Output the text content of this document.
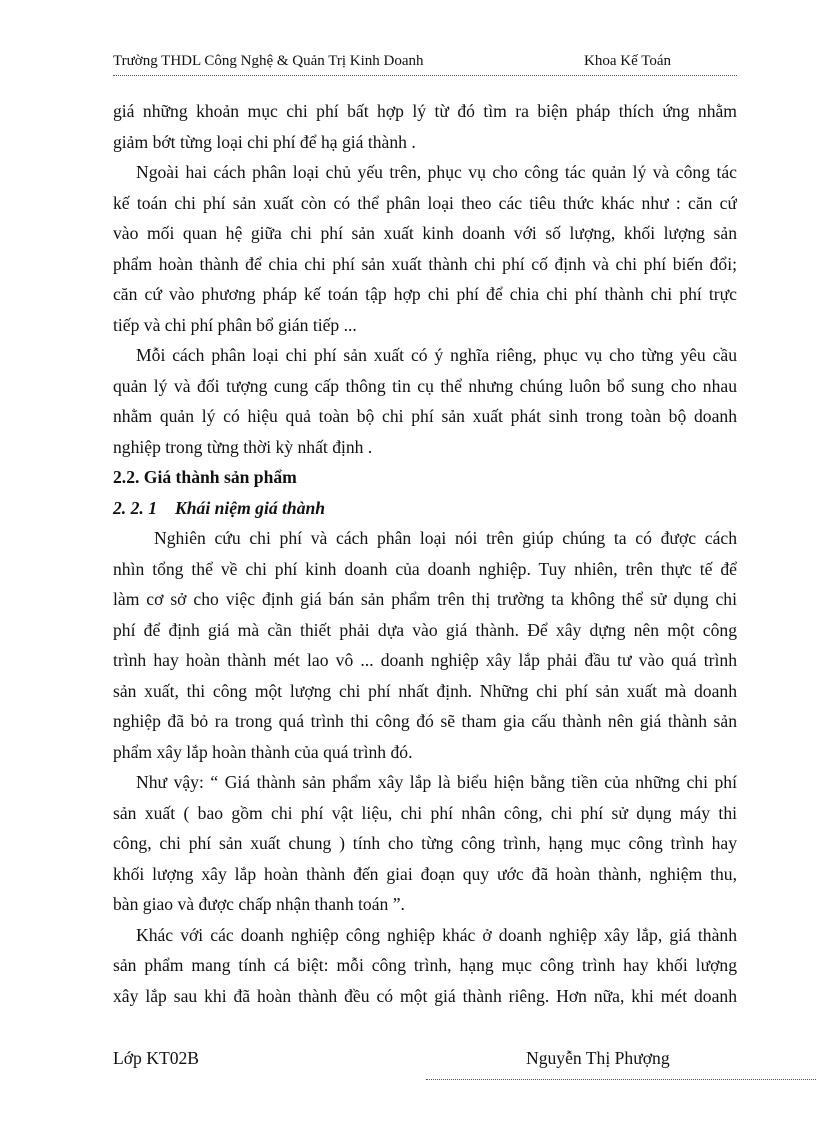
Trường THDL Công Nghệ & Quản Trị Kinh Doanh	Khoa Kế Toán

giá những khoản mục chi phí bất hợp lý từ đó tìm ra biện pháp thích ứng nhằm
giảm bớt từng loại chi phí để hạ giá thành .

Ngoài hai cách phân loại chủ yếu trên, phục vụ cho công tác quản lý và công tác
kế toán chi phí sản xuất còn có thể phân loại theo các tiêu thức khác như : căn cứ
vào mối quan hệ giữa chi phí sản xuất kinh doanh với số lượng, khối lượng sản
phẩm hoàn thành để chia chi phí sản xuất thành chi phí cố định và chi phí biến đổi;
căn cứ vào phương pháp kế toán tập hợp chi phí để chia chi phí thành chi phí trực
tiếp và chi phí phân bổ gián tiếp ...

Mỗi cách phân loại chi phí sản xuất có ý nghĩa riêng, phục vụ cho từng yêu cầu
quản lý và đối tượng cung cấp thông tin cụ thể nhưng chúng luôn bổ sung cho nhau
nhằm quản lý có hiệu quả toàn bộ chi phí sản xuất phát sinh trong toàn bộ doanh
nghiệp trong từng thời kỳ nhất định .

2.2. Giá thành sản phẩm

2. 2. 1 Khái niệm giá thành

Nghiên cứu chi phí và cách phân loại nói trên giúp chúng ta có được cách
nhìn tổng thể về chi phí kinh doanh của doanh nghiệp. Tuy nhiên, trên thực tế để
làm cơ sở cho việc định giá bán sản phẩm trên thị trường ta không thể sử dụng chi
phí để định giá mà cần thiết phải dựa vào giá thành. Để xây dựng nên một công
trình hay hoàn thành mét lao vô ... doanh nghiệp xây lắp phải đầu tư vào quá trình
sản xuất, thi công một lượng chi phí nhất định. Những chi phí sản xuất mà doanh
nghiệp đã bỏ ra trong quá trình thi công đó sẽ tham gia cấu thành nên giá thành sản
phẩm xây lắp hoàn thành của quá trình đó.

Như vậy: “ Giá thành sản phẩm xây lắp là biểu hiện bằng tiền của những chi phí
sản xuất ( bao gồm chi phí vật liệu, chi phí nhân công, chi phí sử dụng máy thi
công, chi phí sản xuất chung ) tính cho từng công trình, hạng mục công trình hay
khối lượng xây lắp hoàn thành đến giai đoạn quy ước đã hoàn thành, nghiệm thu,
bàn giao và được chấp nhận thanh toán ”.

Khác với các doanh nghiệp công nghiệp khác ở doanh nghiệp xây lắp, giá thành
sản phẩm mang tính cá biệt: mỗi công trình, hạng mục công trình hay khối lượng
xây lắp sau khi đã hoàn thành đều có một giá thành riêng. Hơn nữa, khi mét doanh

Lớp KT02B	Nguyễn Thị Phượng
